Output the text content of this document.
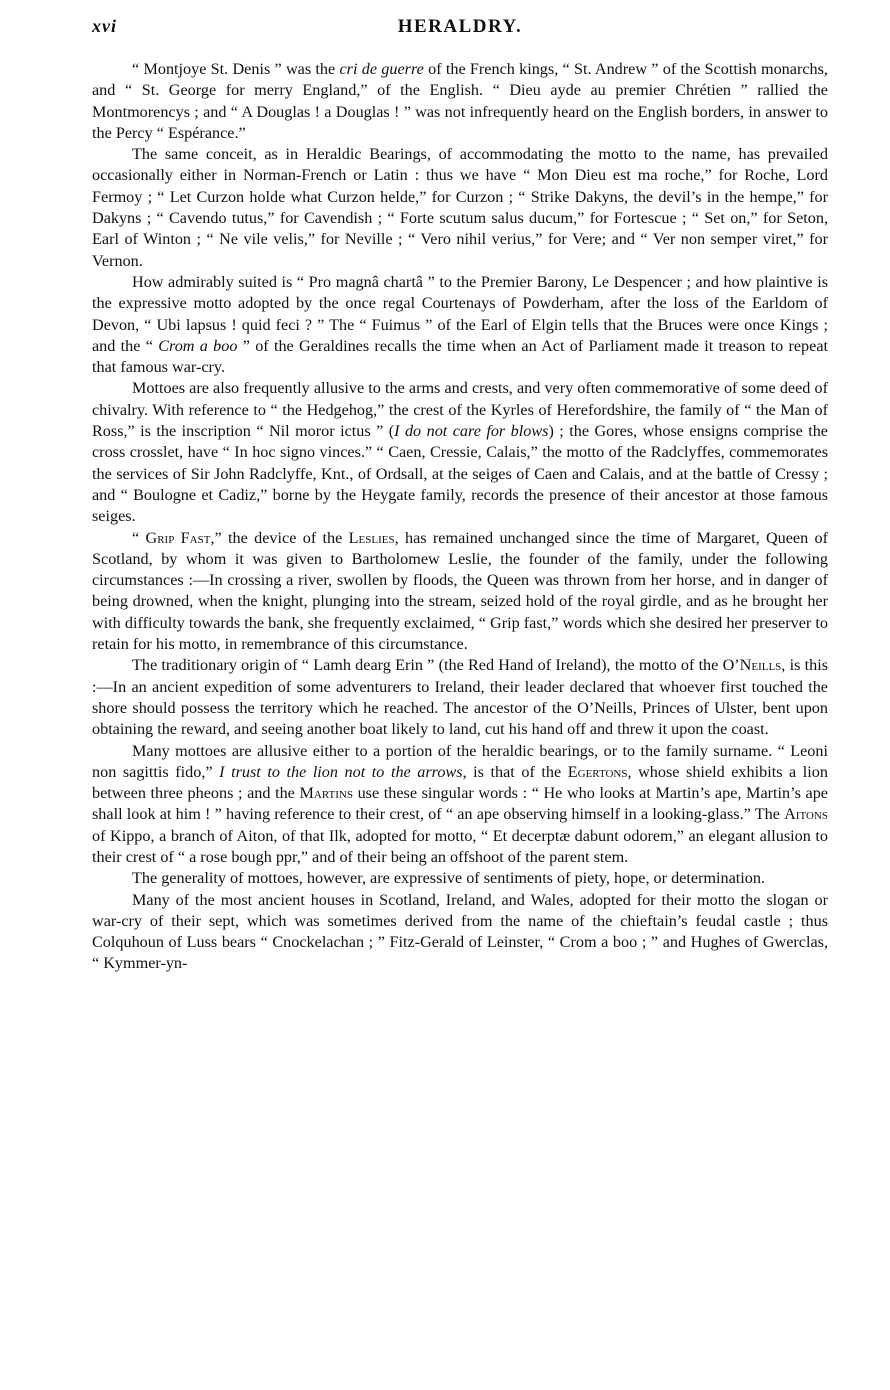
xvi	HERALDRY.

“ Montjoye St. Denis ” was the cri de guerre of the French kings, “ St. Andrew ” of the Scottish monarchs, and “ St. George for merry England,” of the English. “ Dieu ayde au premier Chrétien ” rallied the Montmorencys ; and “ A Douglas ! a Douglas ! ” was not infrequently heard on the English borders, in answer to the Percy “ Espérance.”

The same conceit, as in Heraldic Bearings, of accommodating the motto to the name, has prevailed occasionally either in Norman-French or Latin : thus we have “ Mon Dieu est ma roche,” for Roche, Lord Fermoy ; “ Let Curzon holde what Curzon helde,” for Curzon ; “ Strike Dakyns, the devil’s in the hempe,” for Dakyns ; “ Cavendo tutus,” for Cavendish ; “ Forte scutum salus ducum,” for Fortescue ; “ Set on,” for Seton, Earl of Winton ; “ Ne vile velis,” for Neville ; “ Vero nihil verius,” for Vere; and “ Ver non semper viret,” for Vernon.

How admirably suited is “ Pro magnâ chartâ ” to the Premier Barony, Le Despencer ; and how plaintive is the expressive motto adopted by the once regal Courtenays of Powderham, after the loss of the Earldom of Devon, “ Ubi lapsus ! quid feci ? ” The “ Fuimus ” of the Earl of Elgin tells that the Bruces were once Kings ; and the “ Crom a boo ” of the Geraldines recalls the time when an Act of Parliament made it treason to repeat that famous war-cry.

Mottoes are also frequently allusive to the arms and crests, and very often commemorative of some deed of chivalry. With reference to “ the Hedgehog,” the crest of the Kyrles of Herefordshire, the family of “ the Man of Ross,” is the inscription “ Nil moror ictus ” (I do not care for blows) ; the Gores, whose ensigns comprise the cross crosslet, have “ In hoc signo vinces.” “ Caen, Cressie, Calais,” the motto of the Radclyffes, commemorates the services of Sir John Radclyffe, Knt., of Ordsall, at the seiges of Caen and Calais, and at the battle of Cressy ; and “ Boulogne et Cadiz,” borne by the Heygate family, records the presence of their ancestor at those famous seiges.

“ Grip Fast,” the device of the Leslies, has remained unchanged since the time of Margaret, Queen of Scotland, by whom it was given to Bartholomew Leslie, the founder of the family, under the following circumstances :—In crossing a river, swollen by floods, the Queen was thrown from her horse, and in danger of being drowned, when the knight, plunging into the stream, seized hold of the royal girdle, and as he brought her with difficulty towards the bank, she frequently exclaimed, “ Grip fast,” words which she desired her preserver to retain for his motto, in remembrance of this circumstance.

The traditionary origin of “ Lamh dearg Erin ” (the Red Hand of Ireland), the motto of the O’Neills, is this :—In an ancient expedition of some adventurers to Ireland, their leader declared that whoever first touched the shore should possess the territory which he reached. The ancestor of the O’Neills, Princes of Ulster, bent upon obtaining the reward, and seeing another boat likely to land, cut his hand off and threw it upon the coast.

Many mottoes are allusive either to a portion of the heraldic bearings, or to the family surname. “ Leoni non sagittis fido,” I trust to the lion not to the arrows, is that of the Egertons, whose shield exhibits a lion between three pheons ; and the Martins use these singular words : “ He who looks at Martin’s ape, Martin’s ape shall look at him ! ” having reference to their crest, of “ an ape observing himself in a looking-glass.” The Aitons of Kippo, a branch of Aiton, of that Ilk, adopted for motto, “ Et decerptæ dabunt odorem,” an elegant allusion to their crest of “ a rose bough ppr,” and of their being an offshoot of the parent stem.

The generality of mottoes, however, are expressive of sentiments of piety, hope, or determination.

Many of the most ancient houses in Scotland, Ireland, and Wales, adopted for their motto the slogan or war-cry of their sept, which was sometimes derived from the name of the chieftain’s feudal castle ; thus Colquhoun of Luss bears “ Cnockelachan ; ” Fitz-Gerald of Leinster, “ Crom a boo ; ” and Hughes of Gwerclas, “ Kymmer-yn-
